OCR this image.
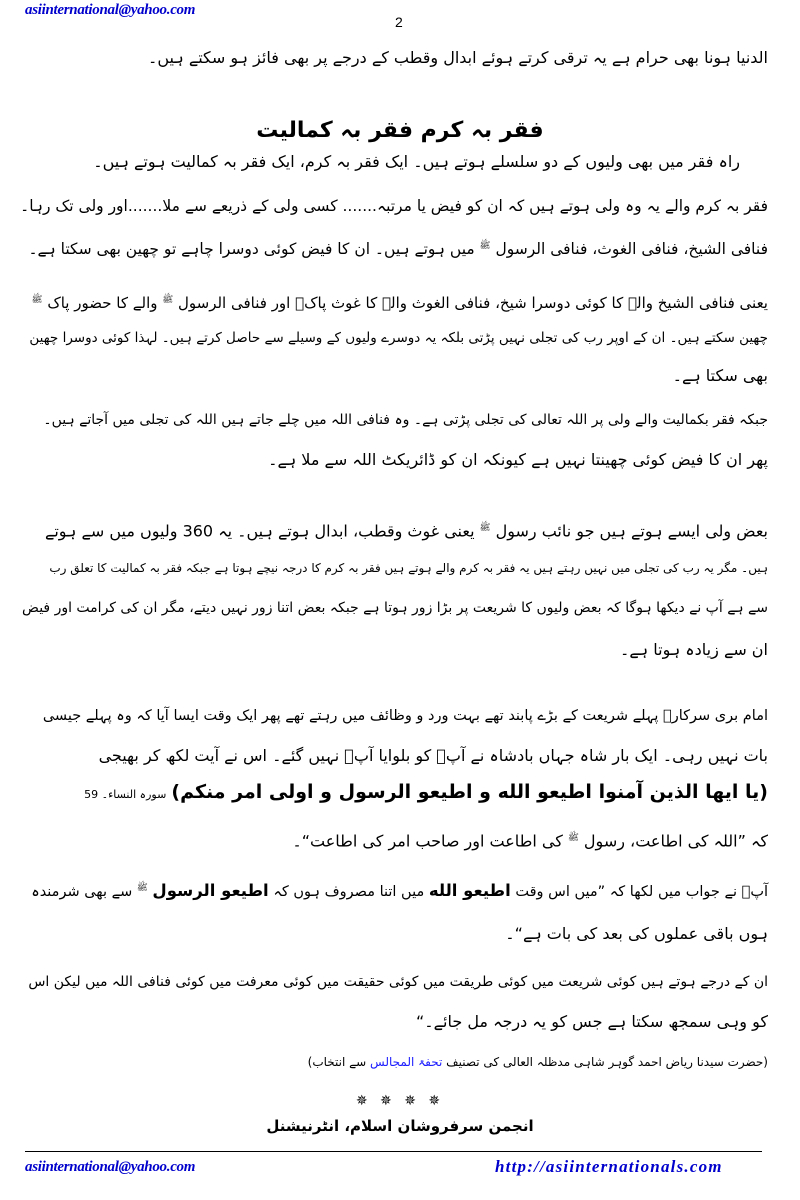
asiinternational@yahoo.com
2
الدنیا ہونا بھی حرام ہے یہ ترقی کرتے ہوئے ابدال وقطب کے درجے پر بھی فائز ہو سکتے ہیں۔
فقر بہ کرم فقر بہ کمالیت
راہ فقر میں بھی ولیوں کے دو سلسلے ہوتے ہیں۔ ایک فقر بہ کرم، ایک فقر بہ کمالیت ہوتے ہیں۔
فقر بہ کرم والے یہ وہ ولی ہوتے ہیں کہ ان کو فیض یا مرتبہ....... کسی ولی کے ذریعے سے ملا.......اور ولی تک رہا۔
فنافی الشیخ، فنافی الغوث، فنافی الرسول $^ﷺ$ میں ہوتے ہیں۔ ان کا فیض کوئی دوسرا چاہے تو چھین بھی سکتا ہے۔
یعنی فنافی الشیخ والے کا کوئی دوسرا شیخ، فنافی الغوث والے کا غوث پاکؒ اور فنافی الرسول $^ﷺ$ والے کا حضور پاک $^ﷺ$
چھین سکتے ہیں۔ ان کے اوپر رب کی تجلی نہیں پڑتی بلکہ یہ دوسرے ولیوں کے وسیلے سے حاصل کرتے ہیں۔ لہذا کوئی دوسرا چھین
بھی سکتا ہے۔
جبکہ فقر بکمالیت والے ولی پر اللہ تعالی کی تجلی پڑتی ہے۔ وہ فنافی اللہ میں چلے جاتے ہیں اللہ کی تجلی میں آجاتے ہیں۔
پھر ان کا فیض کوئی چھینتا نہیں ہے کیونکہ ان کو ڈائریکٹ اللہ سے ملا ہے۔
بعض ولی ایسے ہوتے ہیں جو نائب رسول $^ﷺ$ یعنی غوث وقطب، ابدال ہوتے ہیں۔ یہ 360 ولیوں میں سے ہوتے
ہیں۔ مگر یہ رب کی تجلی میں نہیں رہتے ہیں یہ فقر بہ کرم والے ہوتے ہیں فقر بہ کرم کا درجہ نیچے ہوتا ہے جبکہ فقر بہ کمالیت کا تعلق رب
سے ہے آپ نے دیکھا ہوگا کہ بعض ولیوں کا شریعت پر بڑا زور ہوتا ہے جبکہ بعض اتنا زور نہیں دیتے، مگر ان کی کرامت اور فیض
ان سے زیادہ ہوتا ہے۔
امام بری سرکارؒ پہلے شریعت کے بڑے پابند تھے بہت ورد و وظائف میں رہتے تھے پھر ایک وقت ایسا آیا کہ وہ پہلے جیسی
بات نہیں رہی۔ ایک بار شاہ جہاں بادشاہ نے آپؒ کو بلوایا آپؒ نہیں گئے۔ اس نے آیت لکھ کر بھیجی
(یا ایھا الذین آمنوا اطیعو الله و اطیعو الرسول و اولی امر منکم) سورہ النساء۔ 59
کہ ”اللہ کی اطاعت، رسول $^ﷺ$ کی اطاعت اور صاحب امر کی اطاعت“۔
آپؒ نے جواب میں لکھا کہ ”میں اس وقت اطیعو الله میں اتنا مصروف ہوں کہ اطیعو الرسول $^ﷺ$ سے بھی شرمندہ
ہوں باقی عملوں کی بعد کی بات ہے“۔
ان کے درجے ہوتے ہیں کوئی شریعت میں کوئی طریقت میں کوئی حقیقت میں کوئی معرفت میں کوئی فنافی اللہ میں لیکن اس
کو وہی سمجھ سکتا ہے جس کو یہ درجہ مل جائے۔“
(حضرت سیدنا ریاض احمد گوہر شاہی مدظلہ العالی کی تصنیف تحفۃ المجالس سے انتخاب)
✵ ✵ ✵ ✵
انجمن سرفروشان اسلام، انٹرنیشنل
asiinternational@yahoo.com	http://asiinternationals.com
